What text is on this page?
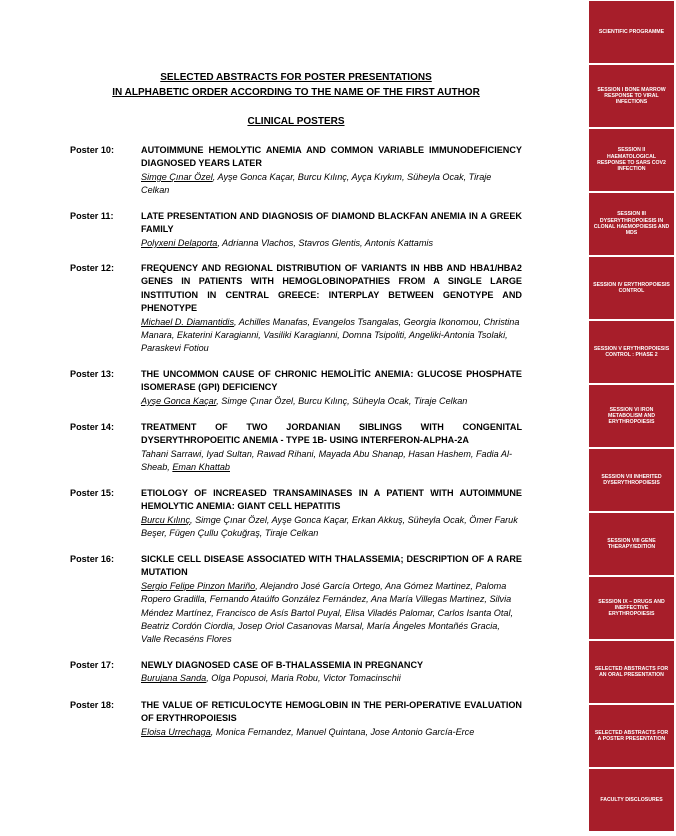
SELECTED ABSTRACTS FOR POSTER PRESENTATIONS
IN ALPHABETIC ORDER ACCORDING TO THE NAME OF THE FIRST AUTHOR
CLINICAL POSTERS
Poster 10:	AUTOIMMUNE HEMOLYTIC ANEMIA AND COMMON VARIABLE IMMUNODEFICIENCY DIAGNOSED YEARS LATER
Simge Çınar Özel, Ayşe Gonca Kaçar, Burcu Kılınç, Ayça Kıykım, Süheyla Ocak, Tiraje Celkan
Poster 11:	LATE PRESENTATION AND DIAGNOSIS OF DIAMOND BLACKFAN ANEMIA IN A GREEK FAMILY
Polyxeni Delaporta, Adrianna Vlachos, Stavros Glentis, Antonis Kattamis
Poster 12:	FREQUENCY AND REGIONAL DISTRIBUTION OF VARIANTS IN HBB AND HBA1/HBA2 GENES IN PATIENTS WITH HEMOGLOBINOPATHIES FROM A SINGLE LARGE INSTITUTION IN CENTRAL GREECE: INTERPLAY BETWEEN GENOTYPE AND PHENOTYPE
Michael D. Diamantidis, Achilles Manafas, Evangelos Tsangalas, Georgia Ikonomou, Christina Manara, Ekaterini Karagianni, Vasiliki Karagianni, Domna Tsipoliti, Angeliki-Antonia Tsolaki, Paraskevi Fotiou
Poster 13:	THE UNCOMMON CAUSE OF CHRONIC HEMOLİTİC ANEMIA: GLUCOSE PHOSPHATE ISOMERASE (GPI) DEFICIENCY
Ayşe Gonca Kaçar, Simge Çınar Özel, Burcu Kılınç, Süheyla Ocak, Tiraje Celkan
Poster 14:	TREATMENT OF TWO JORDANIAN SIBLINGS WITH CONGENITAL DYSERYTHROPOEITIC ANEMIA - TYPE 1B- USING INTERFERON-ALPHA-2A
Tahani Sarrawi, Iyad Sultan, Rawad Rihani, Mayada Abu Shanap, Hasan Hashem, Fadia Al-Sheab, Eman Khattab
Poster 15:	ETIOLOGY OF INCREASED TRANSAMINASES IN A PATIENT WITH AUTOIMMUNE HEMOLYTIC ANEMIA: GIANT CELL HEPATITIS
Burcu Kılınç, Simge Çınar Özel, Ayşe Gonca Kaçar, Erkan Akkuş, Süheyla Ocak, Ömer Faruk Beşer, Fügen Çullu Çokuğraş, Tiraje Celkan
Poster 16:	SICKLE CELL DISEASE ASSOCIATED WITH THALASSEMIA; DESCRIPTION OF A RARE MUTATION
Sergio Felipe Pinzon Mariño, Alejandro José García Ortego, Ana Gómez Martinez, Paloma Ropero Gradilla, Fernando Ataúlfo González Fernández, Ana María Villegas Martinez, Silvia Méndez Martínez, Francisco de Asís Bartol Puyal, Elisa Viladés Palomar, Carlos Isanta Otal, Beatriz Cordón Ciordia, Josep Oriol Casanovas Marsal, María Ángeles Montañés Gracia, Valle Recaséns Flores
Poster 17:	NEWLY DIAGNOSED CASE OF B-THALASSEMIA IN PREGNANCY
Burujana Sanda, Olga Popusoi, Maria Robu, Victor Tomacinschii
Poster 18:	THE VALUE OF RETICULOCYTE HEMOGLOBIN IN THE PERI-OPERATIVE EVALUATION OF ERYTHROPOIESIS
Eloisa Urrechaga, Monica Fernandez, Manuel Quintana, Jose Antonio García-Erce
SCIENTIFIC PROGRAMME
SESSION I BONE MARROW RESPONSE TO VIRAL INFECTIONS
SESSION II HAEMATOLOGICAL RESPONSE TO SARS COV2 INFECTION
SESSION III DYSERYTHROPOIESIS IN CLONAL HAEMOPOIESIS AND MDS
SESSION IV ERYTHROPOIESIS CONTROL
SESSION V ERYTHROPOIESIS CONTROL : PHASE 2
SESSION VI IRON METABOLISM AND ERYTHROPOIESIS
SESSION VII INHERITED DYSERYTHROPOIESIS
SESSION VIII GENE THERAPY/EDITION
SESSION IX – DRUGS AND INEFFECTIVE ERYTHROPOIESIS
SELECTED ABSTRACTS FOR AN ORAL PRESENTATION
SELECTED ABSTRACTS FOR A POSTER PRESENTATION
FACULTY DISCLOSURES
